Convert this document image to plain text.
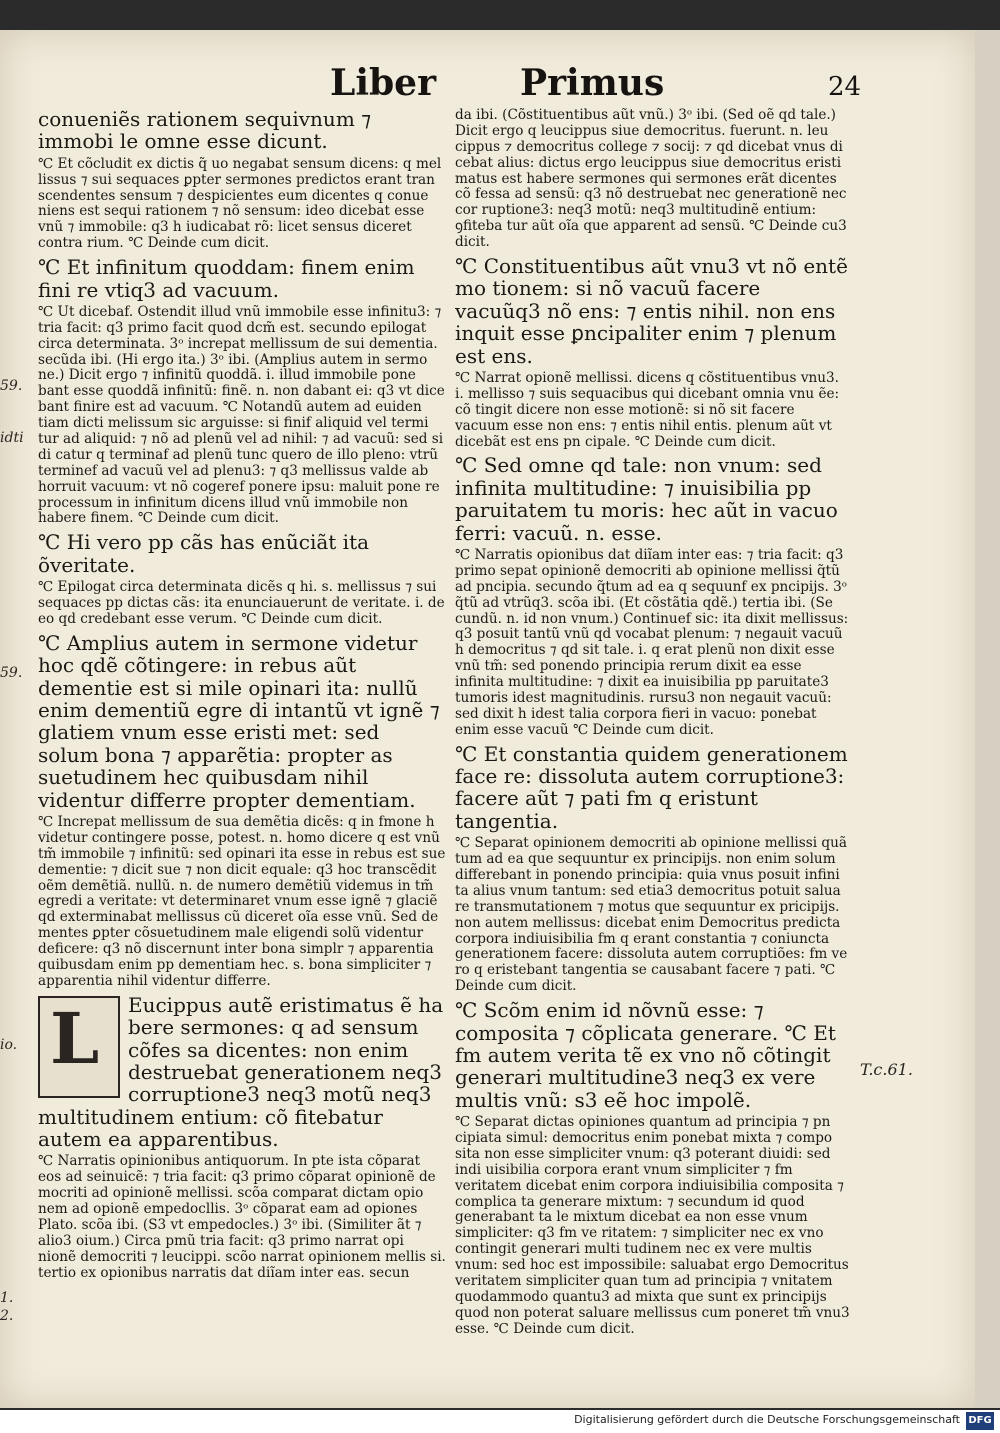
Liber Primus	24

conueniẽs rationem sequivnum ⁊ immobi le omne esse dicunt.

℃ Et cõcludit ex dictis q̃ uo negabat sensum dicens: q mel lissus ⁊ sui sequaces ꝑpter sermones predictos erant tran scendentes sensum ⁊ despicientes eum dicentes q conue niens est sequi rationem ⁊ nõ sensum: ideo dicebat esse vnũ ⁊ immobile: q3 h iudicabat rõ: licet sensus diceret contra rium. ℃ Deinde cum dicit.

℃ Et infinitum quoddam: finem enim fini re vtiq3 ad vacuum.

℃ Ut dicebaf. Ostendit illud vnũ immobile esse infinitu3: ⁊ tria facit: q3 primo facit quod dcm̃ est. secundo epilogat circa determinata. 3ᵒ increpat mellissum de sui dementia. secũda ibi. (Hi ergo ita.) 3ᵒ ibi. (Amplius autem in sermo ne.) Dicit ergo ⁊ infinitũ quoddã. i. illud immobile pone bant esse quoddã infinitũ: finẽ. n. non dabant ei: q3 vt dice bant finire est ad vacuum. ℃ Notandũ autem ad euiden tiam dicti melissum sic arguisse: si finif aliquid vel termi tur ad aliquid: ⁊ nõ ad plenũ vel ad nihil: ⁊ ad vacuũ: sed si di catur q terminaf ad plenũ tunc quero de illo pleno: vtrũ terminef ad vacuũ vel ad plenu3: ⁊ q3 mellissus valde ab horruit vacuum: vt nõ cogeref ponere ipsu: maluit pone re processum in infinitum dicens illud vnũ immobile non habere finem. ℃ Deinde cum dicit.

℃ Hi vero pp cãs has enũciãt ita õveritate.

℃ Epilogat circa determinata dicẽs q hi. s. mellissus ⁊ sui sequaces pp dictas cãs: ita enunciauerunt de veritate. i. de eo qd credebant esse verum. ℃ Deinde cum dicit.

℃ Amplius autem in sermone videtur hoc qdẽ cõtingere: in rebus aũt dementie est si mile opinari ita: nullũ enim dementiũ egre di intantũ vt ignẽ ⁊ glatiem vnum esse eristi met: sed solum bona ⁊ apparẽtia: propter as suetudinem hec quibusdam nihil videntur differre propter dementiam.

℃ Increpat mellissum de sua demẽtia dicẽs: q in fmone h videtur contingere posse, potest. n. homo dicere q est vnũ tm̃ immobile ⁊ infinitũ: sed opinari ita esse in rebus est sue dementie: ⁊ dicit sue ⁊ non dicit equale: q3 hoc transcẽdit oẽm demẽtiã. nullũ. n. de numero demẽtiũ videmus in tm̃ egredi a veritate: vt determinaret vnum esse ignẽ ⁊ glaciẽ qd exterminabat mellissus cũ diceret oĩa esse vnũ. Sed de mentes ꝑpter cõsuetudinem male eligendi solũ videntur deficere: q3 nõ discernunt inter bona simplr ⁊ apparentia quibusdam enim pp dementiam hec. s. bona simpliciter ⁊ apparentia nihil videntur differre.

L Eucippus autẽ eristimatus ẽ ha bere sermones: q ad sensum cõfes sa dicentes: non enim destruebat generationem neq3 corruptione3 neq3 motũ neq3 multitudinem entium: cõ fitebatur autem ea apparentibus.

℃ Narratis opinionibus antiquorum. In pte ista cõparat eos ad seinuicẽ: ⁊ tria facit: q3 primo cõparat opinionẽ de mocriti ad opinionẽ mellissi. scõa comparat dictam opio nem ad opionẽ empedocllis. 3ᵒ cõparat eam ad opiones Plato. scõa ibi. (S3 vt empedocles.) 3ᵒ ibi. (Similiter ãt ⁊ alio3 oium.) Circa pmũ tria facit: q3 primo narrat opi nionẽ democriti ⁊ leucippi. scõo narrat opinionem mellis si. tertio ex opionibus narratis dat diĩam inter eas. secun

da ibi. (Cõstituentibus aũt vnũ.) 3ᵒ ibi. (Sed oẽ qd tale.) Dicit ergo q leucippus siue democritus. fuerunt. n. leu cippus ⁊ democritus college ⁊ socij: ⁊ qd dicebat vnus di cebat alius: dictus ergo leucippus siue democritus eristi matus est habere sermones qui sermones erãt dicentes cõ fessa ad sensũ: q3 nõ destruebat nec generationẽ nec cor ruptione3: neq3 motũ: neq3 multitudinẽ entium: ꝯfiteba tur aũt oĩa que apparent ad sensũ. ℃ Deinde cu3 dicit.

℃ Constituentibus aũt vnu3 vt nõ entẽ mo tionem: si nõ vacuũ facere vacuũq3 nõ ens: ⁊ entis nihil. non ens inquit esse ꝑncipaliter enim ⁊ plenum est ens.

℃ Narrat opionẽ mellissi. dicens q cõstituentibus vnu3. i. mellisso ⁊ suis sequacibus qui dicebant omnia vnu ẽe: cõ tingit dicere non esse motionẽ: si nõ sit facere vacuum esse non ens: ⁊ entis nihil entis. plenum aũt vt dicebãt est ens pn cipale. ℃ Deinde cum dicit.

℃ Sed omne qd tale: non vnum: sed infinita multitudine: ⁊ inuisibilia pp paruitatem tu moris: hec aũt in vacuo ferri: vacuũ. n. esse.

℃ Narratis opionibus dat diĩam inter eas: ⁊ tria facit: q3 primo sepat opinionẽ democriti ab opinione mellissi q̃tũ ad pncipia. secundo q̃tum ad ea q sequunf ex pncipijs. 3ᵒ q̃tũ ad vtrũq3. scõa ibi. (Et cõstãtia qdẽ.) tertia ibi. (Se cundũ. n. id non vnum.) Continuef sic: ita dixit mellissus: q3 posuit tantũ vnũ qd vocabat plenum: ⁊ negauit vacuũ h democritus ⁊ qd sit tale. i. q erat plenũ non dixit esse vnũ tm̃: sed ponendo principia rerum dixit ea esse infinita multitudine: ⁊ dixit ea inuisibilia pp paruitate3 tumoris idest magnitudinis. rursu3 non negauit vacuũ: sed dixit h idest talia corpora fieri in vacuo: ponebat enim esse vacuũ ℃ Deinde cum dicit.

℃ Et constantia quidem generationem face re: dissoluta autem corruptione3: facere aũt ⁊ pati fm q eristunt tangentia.

℃ Separat opinionem democriti ab opinione mellissi quã tum ad ea que sequuntur ex principijs. non enim solum differebant in ponendo principia: quia vnus posuit infini ta alius vnum tantum: sed etia3 democritus potuit salua re transmutationem ⁊ motus que sequuntur ex pricipijs. non autem mellissus: dicebat enim Democritus predicta corpora indiuisibilia fm q erant constantia ⁊ coniuncta generationem facere: dissoluta autem corruptiões: fm ve ro q eristebant tangentia se causabant facere ⁊ pati. ℃ Deinde cum dicit.

℃ Scõm enim id nõvnũ esse: ⁊ composita ⁊ cõplicata generare. ℃ Et fm autem verita tẽ ex vno nõ cõtingit generari multitudine3 neq3 ex vere multis vnũ: s3 eẽ hoc impolẽ.

℃ Separat dictas opiniones quantum ad principia ⁊ pn cipiata simul: democritus enim ponebat mixta ⁊ compo sita non esse simpliciter vnum: q3 poterant diuidi: sed indi uisibilia corpora erant vnum simpliciter ⁊ fm veritatem dicebat enim corpora indiuisibilia composita ⁊ complica ta generare mixtum: ⁊ secundum id quod generabant ta le mixtum dicebat ea non esse vnum simpliciter: q3 fm ve ritatem: ⁊ simpliciter nec ex vno contingit generari multi tudinem nec ex vere multis vnum: sed hoc est impossibile: saluabat ergo Democritus veritatem simpliciter quan tum ad principia ⁊ vnitatem quodammodo quantu3 ad mixta que sunt ex principijs quod non poterat saluare mellissus cum poneret tm̃ vnu3 esse. ℃ Deinde cum dicit.

59.
idti
59.
io.
1.
2.
T.c.61.
Digitalisierung gefördert durch die Deutsche Forschungsgemeinschaft DFG
